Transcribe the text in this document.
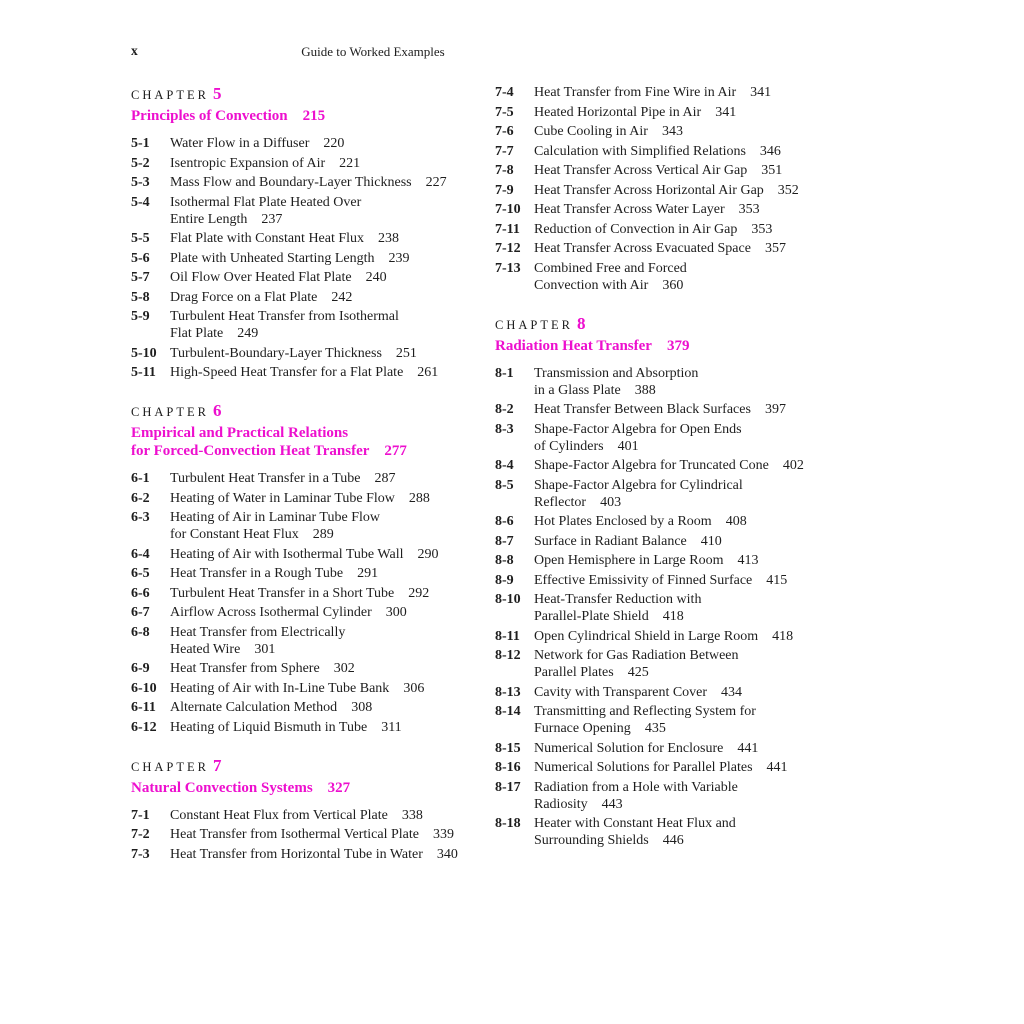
x	Guide to Worked Examples
CHAPTER 5
Principles of Convection 215
5-1	Water Flow in a Diffuser 220
5-2	Isentropic Expansion of Air 221
5-3	Mass Flow and Boundary-Layer Thickness 227
5-4	Isothermal Flat Plate Heated Over
Entire Length 237
5-5	Flat Plate with Constant Heat Flux 238
5-6	Plate with Unheated Starting Length 239
5-7	Oil Flow Over Heated Flat Plate 240
5-8	Drag Force on a Flat Plate 242
5-9	Turbulent Heat Transfer from Isothermal
Flat Plate 249
5-10 Turbulent-Boundary-Layer Thickness 251
5-11	High-Speed Heat Transfer for a Flat Plate 261
CHAPTER 6
Empirical and Practical Relations
for Forced-Convection Heat Transfer 277
6-1	Turbulent Heat Transfer in a Tube 287
6-2	Heating of Water in Laminar Tube Flow 288
6-3	Heating of Air in Laminar Tube Flow
for Constant Heat Flux 289
6-4	Heating of Air with Isothermal Tube Wall 290
6-5	Heat Transfer in a Rough Tube 291
6-6	Turbulent Heat Transfer in a Short Tube 292
6-7	Airflow Across Isothermal Cylinder 300
6-8	Heat Transfer from Electrically
Heated Wire 301
6-9	Heat Transfer from Sphere 302
6-10 Heating of Air with In-Line Tube Bank 306
6-11	Alternate Calculation Method 308
6-12 Heating of Liquid Bismuth in Tube 311
CHAPTER 7
Natural Convection Systems 327
7-1	Constant Heat Flux from Vertical Plate 338
7-2	Heat Transfer from Isothermal Vertical Plate 339
7-3	Heat Transfer from Horizontal Tube in Water 340
7-4	Heat Transfer from Fine Wire in Air 341
7-5	Heated Horizontal Pipe in Air 341
7-6	Cube Cooling in Air 343
7-7	Calculation with Simplified Relations 346
7-8	Heat Transfer Across Vertical Air Gap 351
7-9	Heat Transfer Across Horizontal Air Gap 352
7-10 Heat Transfer Across Water Layer 353
7-11	Reduction of Convection in Air Gap 353
7-12 Heat Transfer Across Evacuated Space 357
7-13 Combined Free and Forced
Convection with Air 360
CHAPTER 8
Radiation Heat Transfer 379
8-1	Transmission and Absorption
in a Glass Plate 388
8-2	Heat Transfer Between Black Surfaces 397
8-3	Shape-Factor Algebra for Open Ends
of Cylinders 401
8-4	Shape-Factor Algebra for Truncated Cone 402
8-5	Shape-Factor Algebra for Cylindrical
Reflector 403
8-6	Hot Plates Enclosed by a Room 408
8-7	Surface in Radiant Balance 410
8-8	Open Hemisphere in Large Room 413
8-9	Effective Emissivity of Finned Surface 415
8-10 Heat-Transfer Reduction with
Parallel-Plate Shield 418
8-11	Open Cylindrical Shield in Large Room 418
8-12 Network for Gas Radiation Between
Parallel Plates 425
8-13 Cavity with Transparent Cover 434
8-14 Transmitting and Reflecting System for
Furnace Opening 435
8-15 Numerical Solution for Enclosure 441
8-16 Numerical Solutions for Parallel Plates 441
8-17 Radiation from a Hole with Variable
Radiosity 443
8-18 Heater with Constant Heat Flux and
Surrounding Shields 446
